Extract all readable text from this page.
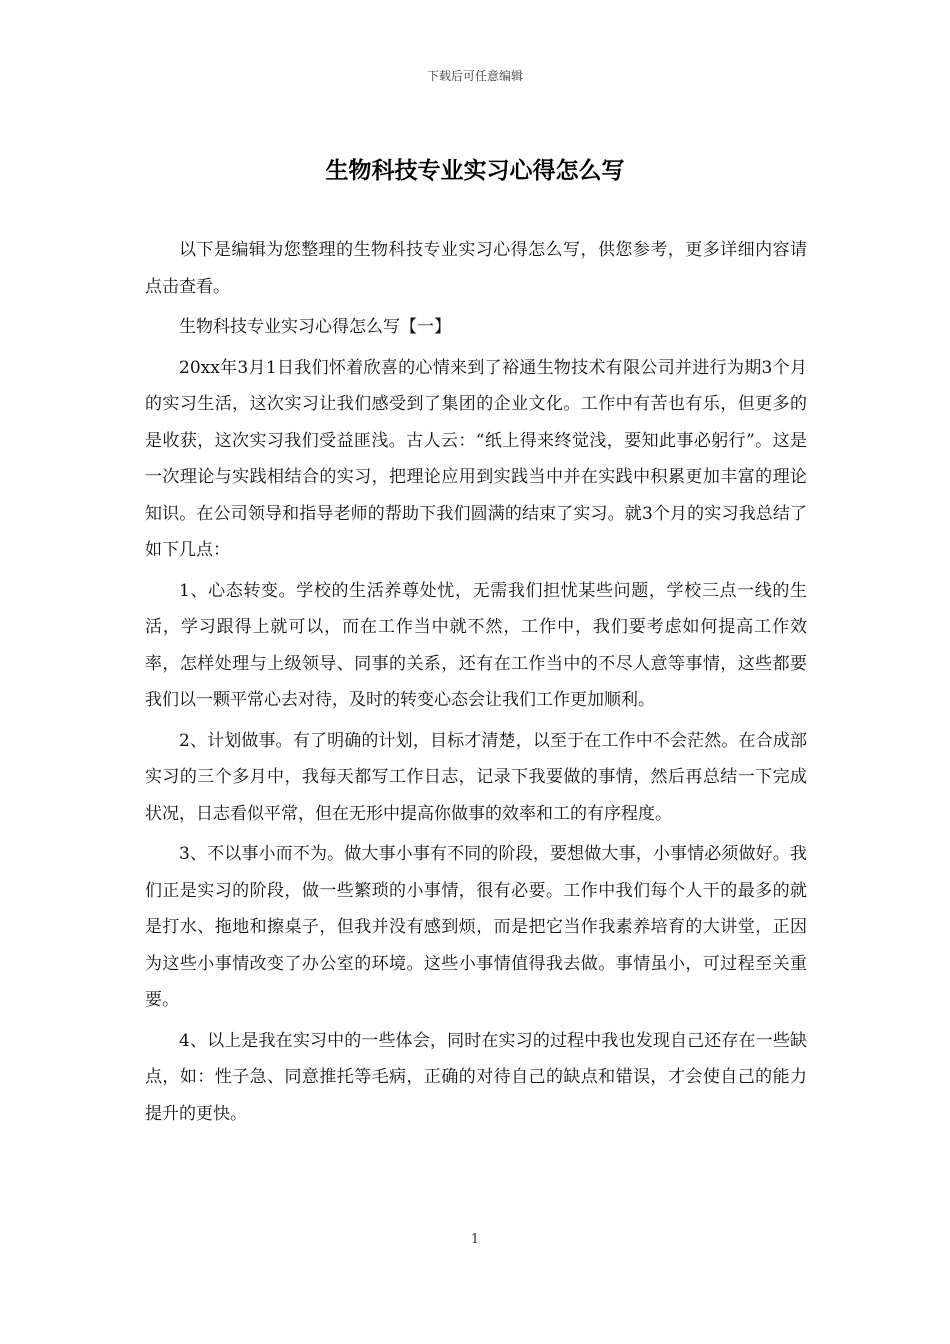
下载后可任意编辑
生物科技专业实习心得怎么写

以下是编辑为您整理的生物科技专业实习心得怎么写，供您参考，更多详细内容请点击查看。

生物科技专业实习心得怎么写【一】

20xx年3月1日我们怀着欣喜的心情来到了裕通生物技术有限公司并进行为期3个月的实习生活，这次实习让我们感受到了集团的企业文化。工作中有苦也有乐，但更多的是收获，这次实习我们受益匪浅。古人云：“纸上得来终觉浅，要知此事必躬行”。这是一次理论与实践相结合的实习，把理论应用到实践当中并在实践中积累更加丰富的理论知识。在公司领导和指导老师的帮助下我们圆满的结束了实习。就3个月的实习我总结了如下几点：

1、心态转变。学校的生活养尊处忧，无需我们担忧某些问题，学校三点一线的生活，学习跟得上就可以，而在工作当中就不然，工作中，我们要考虑如何提高工作效率，怎样处理与上级领导、同事的关系，还有在工作当中的不尽人意等事情，这些都要我们以一颗平常心去对待，及时的转变心态会让我们工作更加顺利。

2、计划做事。有了明确的计划，目标才清楚，以至于在工作中不会茫然。在合成部实习的三个多月中，我每天都写工作日志，记录下我要做的事情，然后再总结一下完成状况，日志看似平常，但在无形中提高你做事的效率和工的有序程度。

3、不以事小而不为。做大事小事有不同的阶段，要想做大事，小事情必须做好。我们正是实习的阶段，做一些繁琐的小事情，很有必要。工作中我们每个人干的最多的就是打水、拖地和擦桌子，但我并没有感到烦，而是把它当作我素养培育的大讲堂，正因为这些小事情改变了办公室的环境。这些小事情值得我去做。事情虽小，可过程至关重要。

4、以上是我在实习中的一些体会，同时在实习的过程中我也发现自己还存在一些缺点，如：性子急、同意推托等毛病，正确的对待自己的缺点和错误，才会使自己的能力提升的更快。

1
